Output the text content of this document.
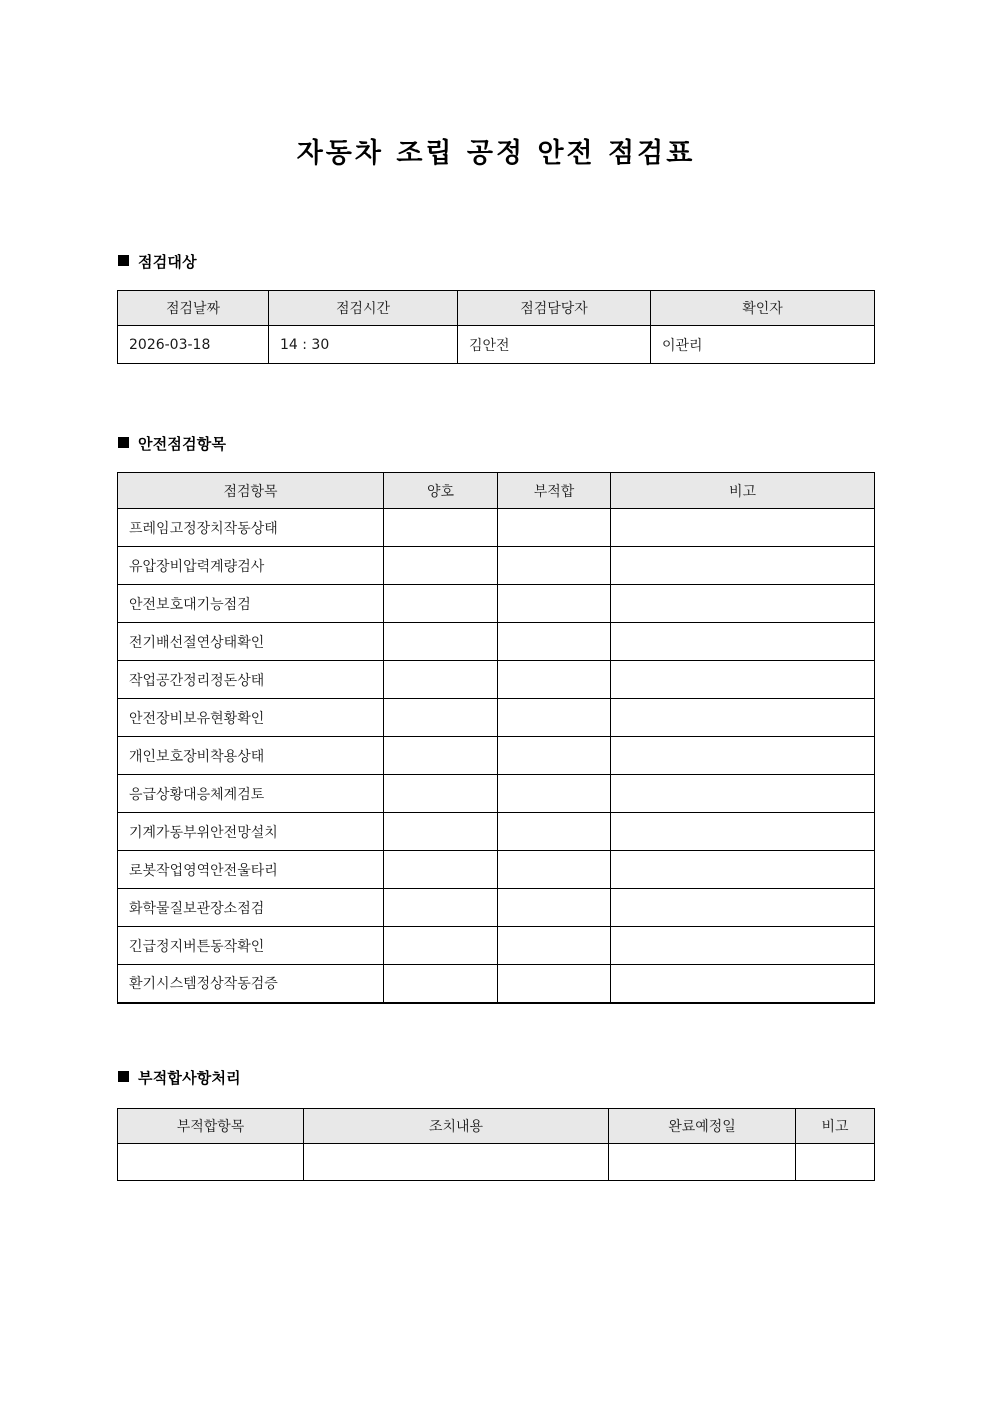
자동차 조립 공정 안전 점검표
점검대상
점검날짜	점검시간	점검담당자	확인자
2026-03-18	14 : 30	김안전	이관리
안전점검항목
점검항목	양호	부적합	비고
프레임고정장치작동상태			
유압장비압력계량검사			
안전보호대기능점검			
전기배선절연상태확인			
작업공간정리정돈상태			
안전장비보유현황확인			
개인보호장비착용상태			
응급상황대응체계검토			
기계가동부위안전망설치			
로봇작업영역안전울타리			
화학물질보관장소점검			
긴급정지버튼동작확인			
환기시스템정상작동검증			
부적합사항처리
부적합항목	조치내용	완료예정일	비고
